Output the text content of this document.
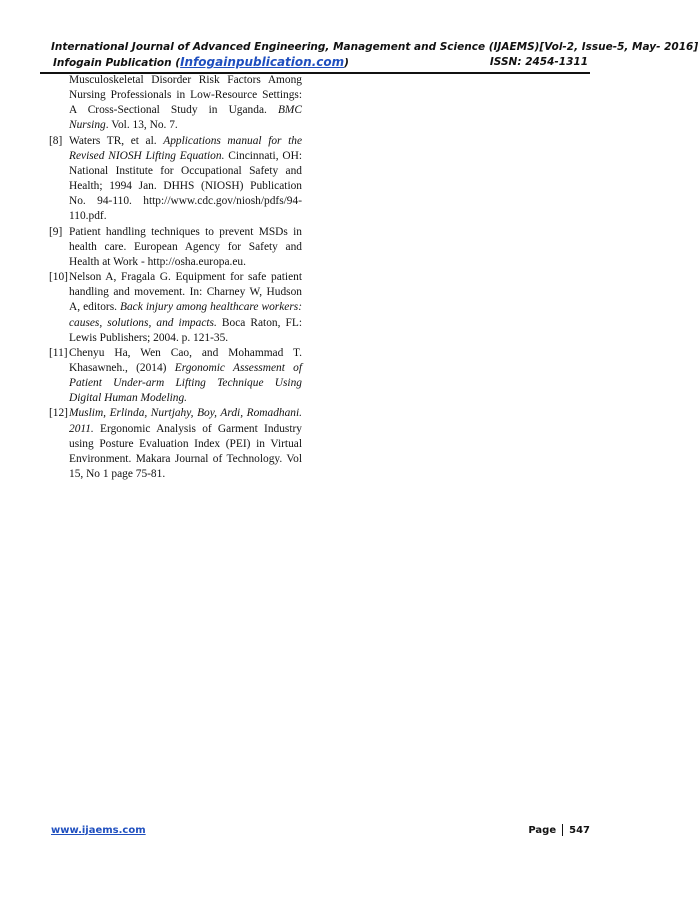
International Journal of Advanced Engineering, Management and Science (IJAEMS) [Vol-2, Issue-5, May- 2016]
Infogain Publication (Infogainpublication.com)	ISSN: 2454-1311
Musculoskeletal Disorder Risk Factors Among Nursing Professionals in Low-Resource Settings: A Cross-Sectional Study in Uganda. BMC Nursing. Vol. 13, No. 7.
[8] Waters TR, et al. Applications manual for the Revised NIOSH Lifting Equation. Cincinnati, OH: National Institute for Occupational Safety and Health; 1994 Jan. DHHS (NIOSH) Publication No. 94-110. http://www.cdc.gov/niosh/pdfs/94-110.pdf.
[9] Patient handling techniques to prevent MSDs in health care. European Agency for Safety and Health at Work - http://osha.europa.eu.
[10] Nelson A, Fragala G. Equipment for safe patient handling and movement. In: Charney W, Hudson A, editors. Back injury among healthcare workers: causes, solutions, and impacts. Boca Raton, FL: Lewis Publishers; 2004. p. 121-35.
[11] Chenyu Ha, Wen Cao, and Mohammad T. Khasawneh., (2014) Ergonomic Assessment of Patient Under-arm Lifting Technique Using Digital Human Modeling.
[12] Muslim, Erlinda, Nurtjahy, Boy, Ardi, Romadhani. 2011. Ergonomic Analysis of Garment Industry using Posture Evaluation Index (PEI) in Virtual Environment. Makara Journal of Technology. Vol 15, No 1 page 75-81.
www.ijaems.com	Page 547
